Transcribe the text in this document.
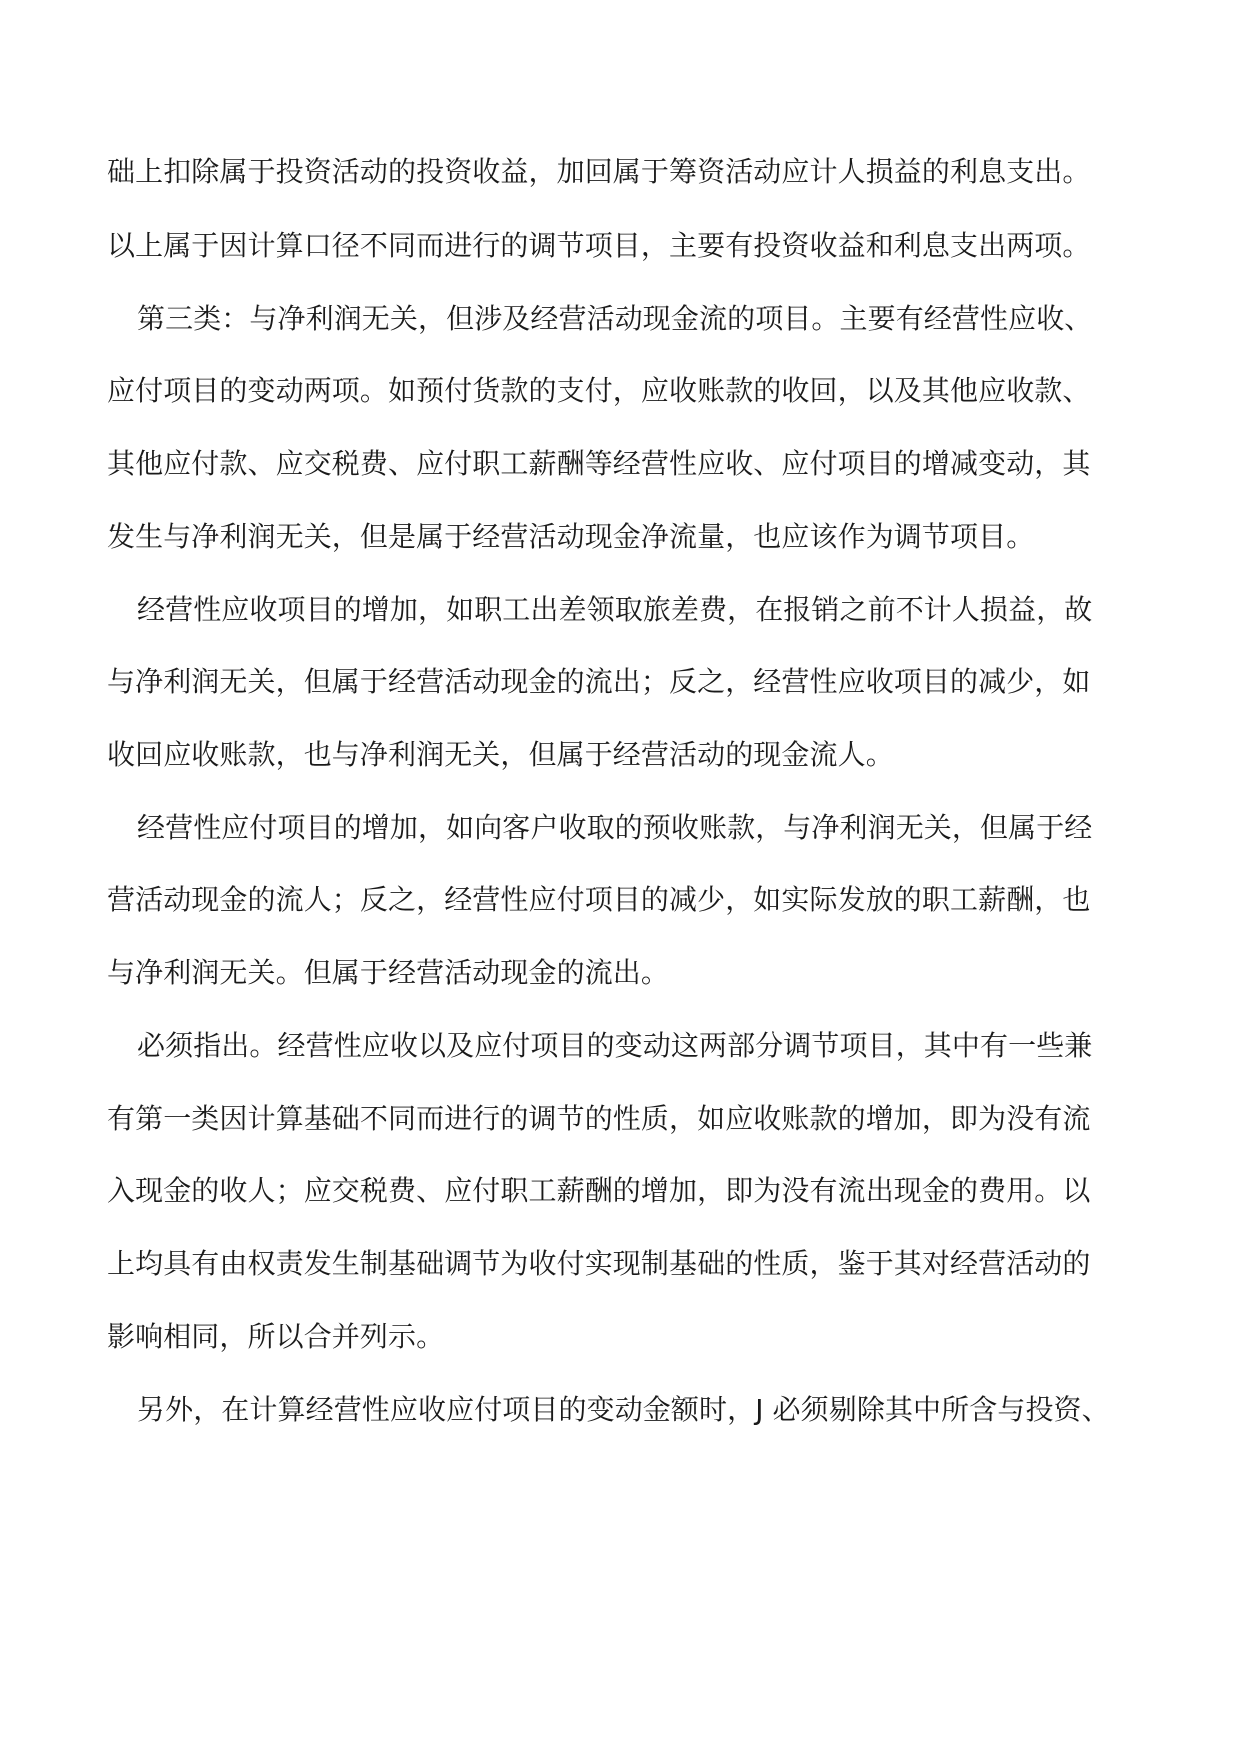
础上扣除属于投资活动的投资收益，加回属于筹资活动应计人损益的利息支出。
以上属于因计算口径不同而进行的调节项目，主要有投资收益和利息支出两项。
第三类：与净利润无关，但涉及经营活动现金流的项目。主要有经营性应收、
应付项目的变动两项。如预付货款的支付，应收账款的收回，以及其他应收款、
其他应付款、应交税费、应付职工薪酬等经营性应收、应付项目的增减变动，其
发生与净利润无关，但是属于经营活动现金净流量，也应该作为调节项目。
经营性应收项目的增加，如职工出差领取旅差费，在报销之前不计人损益，故
与净利润无关，但属于经营活动现金的流出；反之，经营性应收项目的减少，如
收回应收账款，也与净利润无关，但属于经营活动的现金流人。
经营性应付项目的增加，如向客户收取的预收账款，与净利润无关，但属于经
营活动现金的流人；反之，经营性应付项目的减少，如实际发放的职工薪酬，也
与净利润无关。但属于经营活动现金的流出。
必须指出。经营性应收以及应付项目的变动这两部分调节项目，其中有一些兼
有第一类因计算基础不同而进行的调节的性质，如应收账款的增加，即为没有流
入现金的收人；应交税费、应付职工薪酬的增加，即为没有流出现金的费用。以
上均具有由权责发生制基础调节为收付实现制基础的性质，鉴于其对经营活动的
影响相同，所以合并列示。
另外，在计算经营性应收应付项目的变动金额时，J 必须剔除其中所含与投资、
